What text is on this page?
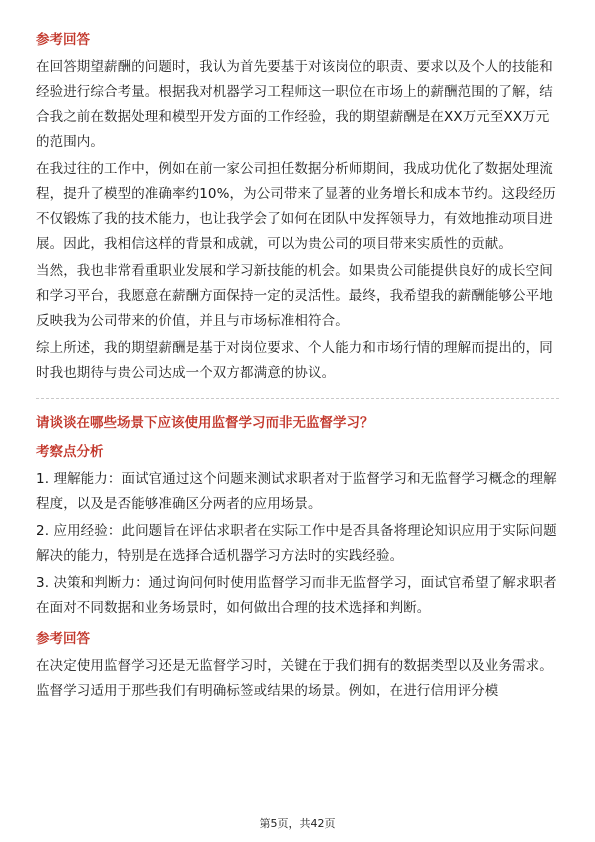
参考回答

在回答期望薪酬的问题时，我认为首先要基于对该岗位的职责、要求以及个人的技能和经验进行综合考量。根据我对机器学习工程师这一职位在市场上的薪酬范围的了解，结合我之前在数据处理和模型开发方面的工作经验，我的期望薪酬是在XX万元至XX万元的范围内。

在我过往的工作中，例如在前一家公司担任数据分析师期间，我成功优化了数据处理流程，提升了模型的准确率约10%，为公司带来了显著的业务增长和成本节约。这段经历不仅锻炼了我的技术能力，也让我学会了如何在团队中发挥领导力，有效地推动项目进展。因此，我相信这样的背景和成就，可以为贵公司的项目带来实质性的贡献。

当然，我也非常看重职业发展和学习新技能的机会。如果贵公司能提供良好的成长空间和学习平台，我愿意在薪酬方面保持一定的灵活性。最终，我希望我的薪酬能够公平地反映我为公司带来的价值，并且与市场标准相符合。

综上所述，我的期望薪酬是基于对岗位要求、个人能力和市场行情的理解而提出的，同时我也期待与贵公司达成一个双方都满意的协议。

请谈谈在哪些场景下应该使用监督学习而非无监督学习？
考察点分析

1. 理解能力：面试官通过这个问题来测试求职者对于监督学习和无监督学习概念的理解程度，以及是否能够准确区分两者的应用场景。

2. 应用经验：此问题旨在评估求职者在实际工作中是否具备将理论知识应用于实际问题解决的能力，特别是在选择合适机器学习方法时的实践经验。

3. 决策和判断力：通过询问何时使用监督学习而非无监督学习，面试官希望了解求职者在面对不同数据和业务场景时，如何做出合理的技术选择和判断。

参考回答

在决定使用监督学习还是无监督学习时，关键在于我们拥有的数据类型以及业务需求。监督学习适用于那些我们有明确标签或结果的场景。例如，在进行信用评分模

第5页，共42页
